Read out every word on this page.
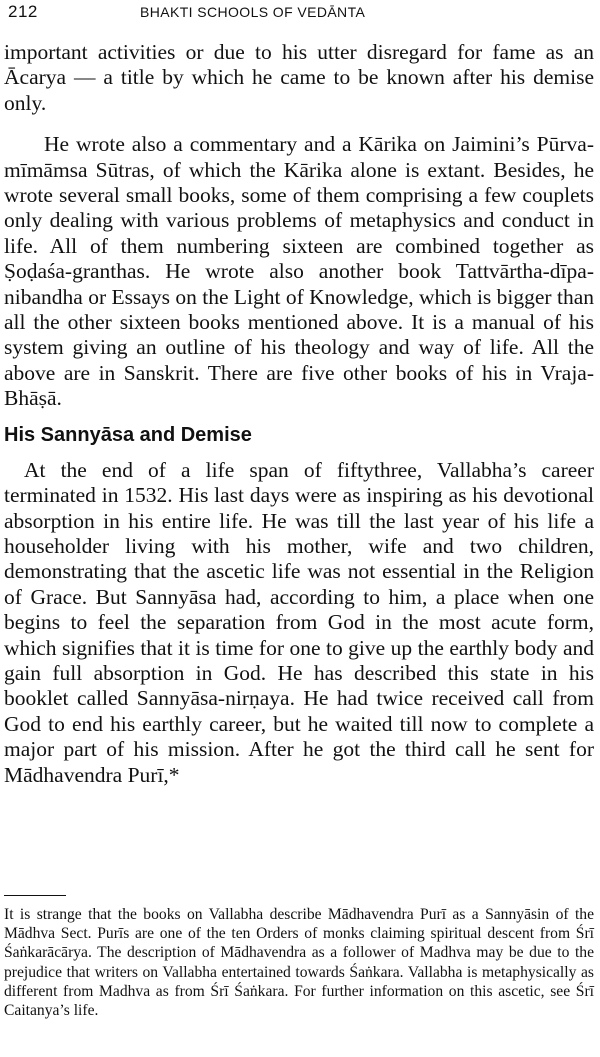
212	BHAKTI SCHOOLS OF VEDĀNTA

important activities or due to his utter disregard for fame as an Ācarya — a title by which he came to be known after his demise only.

He wrote also a commentary and a Kārika on Jaimini’s Pūrva-mīmāmsa Sūtras, of which the Kārika alone is extant. Besides, he wrote several small books, some of them comprising a few couplets only dealing with various problems of metaphysics and conduct in life. All of them numbering sixteen are combined together as Ṣoḍaśa-granthas. He wrote also another book Tattvārtha-dīpa-nibandha or Essays on the Light of Knowledge, which is bigger than all the other sixteen books mentioned above. It is a manual of his system giving an outline of his theology and way of life. All the above are in Sanskrit. There are five other books of his in Vraja-Bhāṣā.

His Sannyāsa and Demise

At the end of a life span of fiftythree, Vallabha’s career terminated in 1532. His last days were as inspiring as his devotional absorption in his entire life. He was till the last year of his life a householder living with his mother, wife and two children, demonstrating that the ascetic life was not essential in the Religion of Grace. But Sannyāsa had, according to him, a place when one begins to feel the separation from God in the most acute form, which signifies that it is time for one to give up the earthly body and gain full absorption in God. He has described this state in his booklet called Sannyāsa-nirṇaya. He had twice received call from God to end his earthly career, but he waited till now to complete a major part of his mission. After he got the third call he sent for Mādhavendra Purī,*

It is strange that the books on Vallabha describe Mādhavendra Purī as a Sannyāsin of the Mādhva Sect. Purīs are one of the ten Orders of monks claiming spiritual descent from Śrī Śaṅkarācārya. The description of Mādhavendra as a follower of Madhva may be due to the prejudice that writers on Vallabha entertained towards Śaṅkara. Vallabha is metaphysically as different from Madhva as from Śrī Śaṅkara. For further information on this ascetic, see Śrī Caitanya’s life.
